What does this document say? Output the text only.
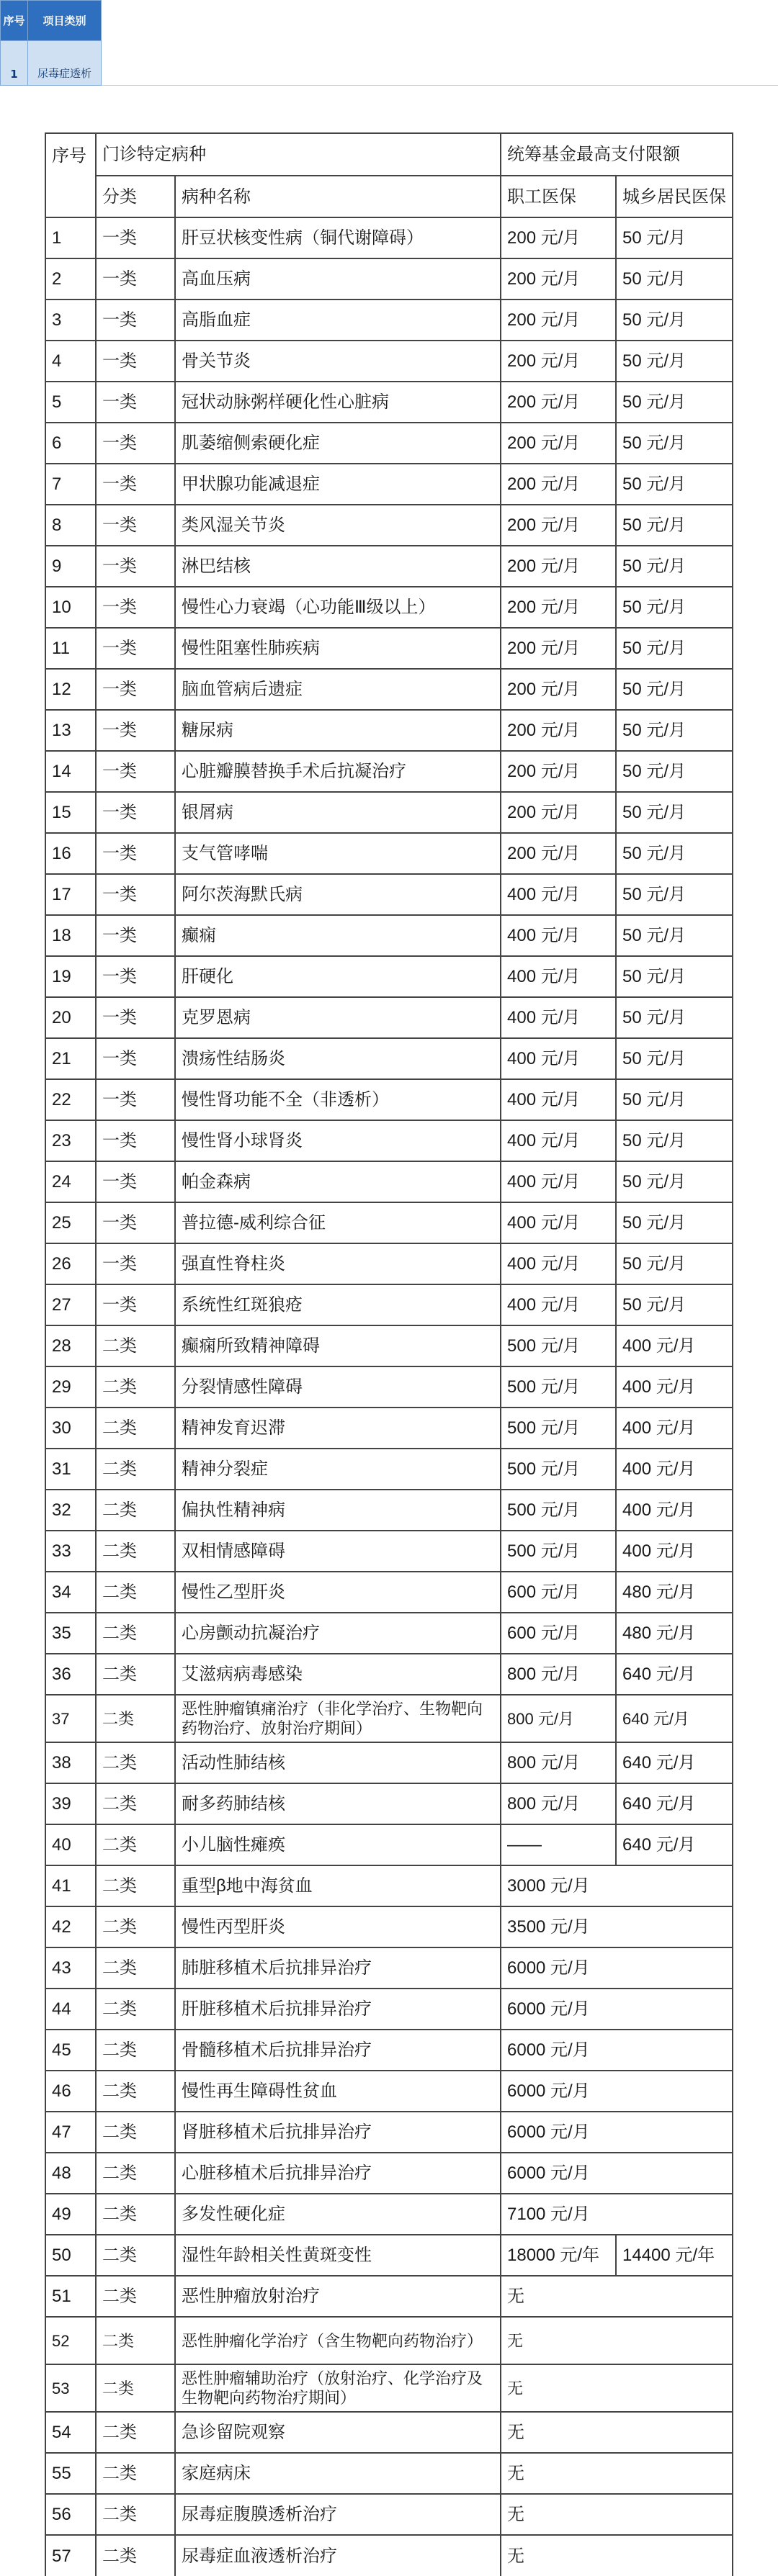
序号	项目类别
1	尿毒症透析
序号	门诊特定病种		统筹基金最高支付限额	
	分类	病种名称	职工医保	城乡居民医保
1	一类	肝豆状核变性病（铜代谢障碍）	200 元/月	50 元/月
2	一类	高血压病	200 元/月	50 元/月
3	一类	高脂血症	200 元/月	50 元/月
4	一类	骨关节炎	200 元/月	50 元/月
5	一类	冠状动脉粥样硬化性心脏病	200 元/月	50 元/月
6	一类	肌萎缩侧索硬化症	200 元/月	50 元/月
7	一类	甲状腺功能减退症	200 元/月	50 元/月
8	一类	类风湿关节炎	200 元/月	50 元/月
9	一类	淋巴结核	200 元/月	50 元/月
10	一类	慢性心力衰竭（心功能Ⅲ级以上）	200 元/月	50 元/月
11	一类	慢性阻塞性肺疾病	200 元/月	50 元/月
12	一类	脑血管病后遗症	200 元/月	50 元/月
13	一类	糖尿病	200 元/月	50 元/月
14	一类	心脏瓣膜替换手术后抗凝治疗	200 元/月	50 元/月
15	一类	银屑病	200 元/月	50 元/月
16	一类	支气管哮喘	200 元/月	50 元/月
17	一类	阿尔茨海默氏病	400 元/月	50 元/月
18	一类	癫痫	400 元/月	50 元/月
19	一类	肝硬化	400 元/月	50 元/月
20	一类	克罗恩病	400 元/月	50 元/月
21	一类	溃疡性结肠炎	400 元/月	50 元/月
22	一类	慢性肾功能不全（非透析）	400 元/月	50 元/月
23	一类	慢性肾小球肾炎	400 元/月	50 元/月
24	一类	帕金森病	400 元/月	50 元/月
25	一类	普拉德-威利综合征	400 元/月	50 元/月
26	一类	强直性脊柱炎	400 元/月	50 元/月
27	一类	系统性红斑狼疮	400 元/月	50 元/月
28	二类	癫痫所致精神障碍	500 元/月	400 元/月
29	二类	分裂情感性障碍	500 元/月	400 元/月
30	二类	精神发育迟滞	500 元/月	400 元/月
31	二类	精神分裂症	500 元/月	400 元/月
32	二类	偏执性精神病	500 元/月	400 元/月
33	二类	双相情感障碍	500 元/月	400 元/月
34	二类	慢性乙型肝炎	600 元/月	480 元/月
35	二类	心房颤动抗凝治疗	600 元/月	480 元/月
36	二类	艾滋病病毒感染	800 元/月	640 元/月
37	二类	恶性肿瘤镇痛治疗（非化学治疗、生物靶向药物治疗、放射治疗期间）	800 元/月	640 元/月
38	二类	活动性肺结核	800 元/月	640 元/月
39	二类	耐多药肺结核	800 元/月	640 元/月
40	二类	小儿脑性瘫痪	——	640 元/月
41	二类	重型β地中海贫血	3000 元/月	
42	二类	慢性丙型肝炎	3500 元/月	
43	二类	肺脏移植术后抗排异治疗	6000 元/月	
44	二类	肝脏移植术后抗排异治疗	6000 元/月	
45	二类	骨髓移植术后抗排异治疗	6000 元/月	
46	二类	慢性再生障碍性贫血	6000 元/月	
47	二类	肾脏移植术后抗排异治疗	6000 元/月	
48	二类	心脏移植术后抗排异治疗	6000 元/月	
49	二类	多发性硬化症	7100 元/月	
50	二类	湿性年龄相关性黄斑变性	18000 元/年	14400 元/年
51	二类	恶性肿瘤放射治疗	无	
52	二类	恶性肿瘤化学治疗（含生物靶向药物治疗）	无	
53	二类	恶性肿瘤辅助治疗（放射治疗、化学治疗及生物靶向药物治疗期间）	无	
54	二类	急诊留院观察	无	
55	二类	家庭病床	无	
56	二类	尿毒症腹膜透析治疗	无	
57	二类	尿毒症血液透析治疗	无	
